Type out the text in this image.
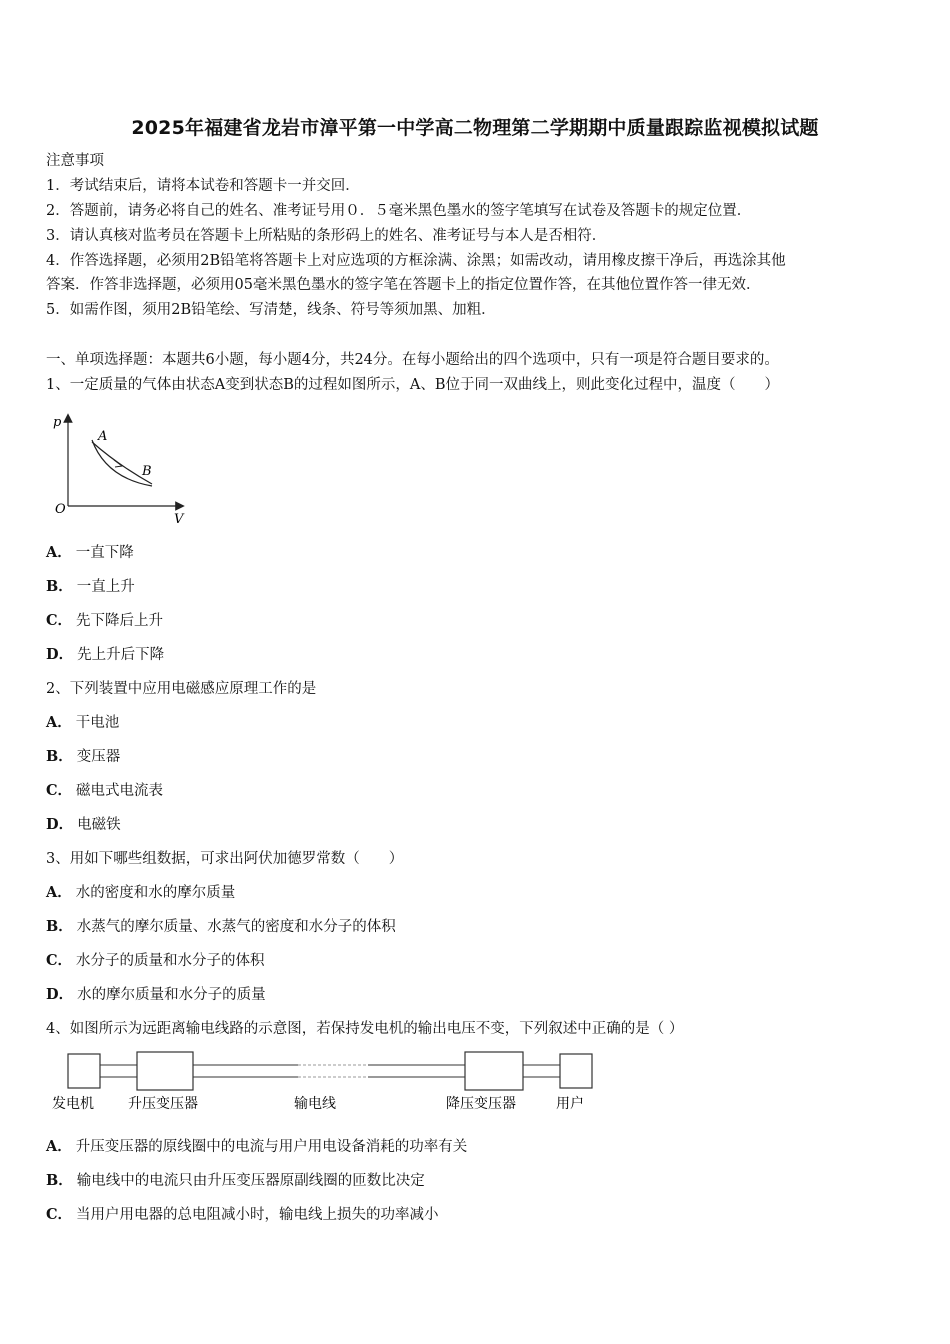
2025年福建省龙岩市漳平第一中学高二物理第二学期期中质量跟踪监视模拟试题
注意事项
1．考试结束后，请将本试卷和答题卡一并交回．
2．答题前，请务必将自己的姓名、准考证号用０．５毫米黑色墨水的签字笔填写在试卷及答题卡的规定位置．
3．请认真核对监考员在答题卡上所粘贴的条形码上的姓名、准考证号与本人是否相符．
4．作答选择题，必须用2B铅笔将答题卡上对应选项的方框涂满、涂黑；如需改动，请用橡皮擦干净后，再选涂其他
答案．作答非选择题，必须用05毫米黑色墨水的签字笔在答题卡上的指定位置作答，在其他位置作答一律无效．
5．如需作图，须用2B铅笔绘、写清楚，线条、符号等须加黑、加粗．
一、单项选择题：本题共6小题，每小题4分，共24分。在每小题给出的四个选项中，只有一项是符合题目要求的。
1、一定质量的气体由状态A变到状态B的过程如图所示，A、B位于同一双曲线上，则此变化过程中，温度（　　）
p
V
O
A
B
A． 一直下降
B． 一直上升
C． 先下降后上升
D． 先上升后下降
2、下列装置中应用电磁感应原理工作的是
A． 干电池
B． 变压器
C． 磁电式电流表
D． 电磁铁
3、用如下哪些组数据，可求出阿伏加德罗常数（　　）
A． 水的密度和水的摩尔质量
B． 水蒸气的摩尔质量、水蒸气的密度和水分子的体积
C． 水分子的质量和水分子的体积
D． 水的摩尔质量和水分子的质量
4、如图所示为远距离输电线路的示意图，若保持发电机的输出电压不变，下列叙述中正确的是（ ）
发电机 升压变压器	输电线	降压变压器	用户
A． 升压变压器的原线圈中的电流与用户用电设备消耗的功率有关
B． 输电线中的电流只由升压变压器原副线圈的匝数比决定
C． 当用户用电器的总电阻减小时，输电线上损失的功率减小
